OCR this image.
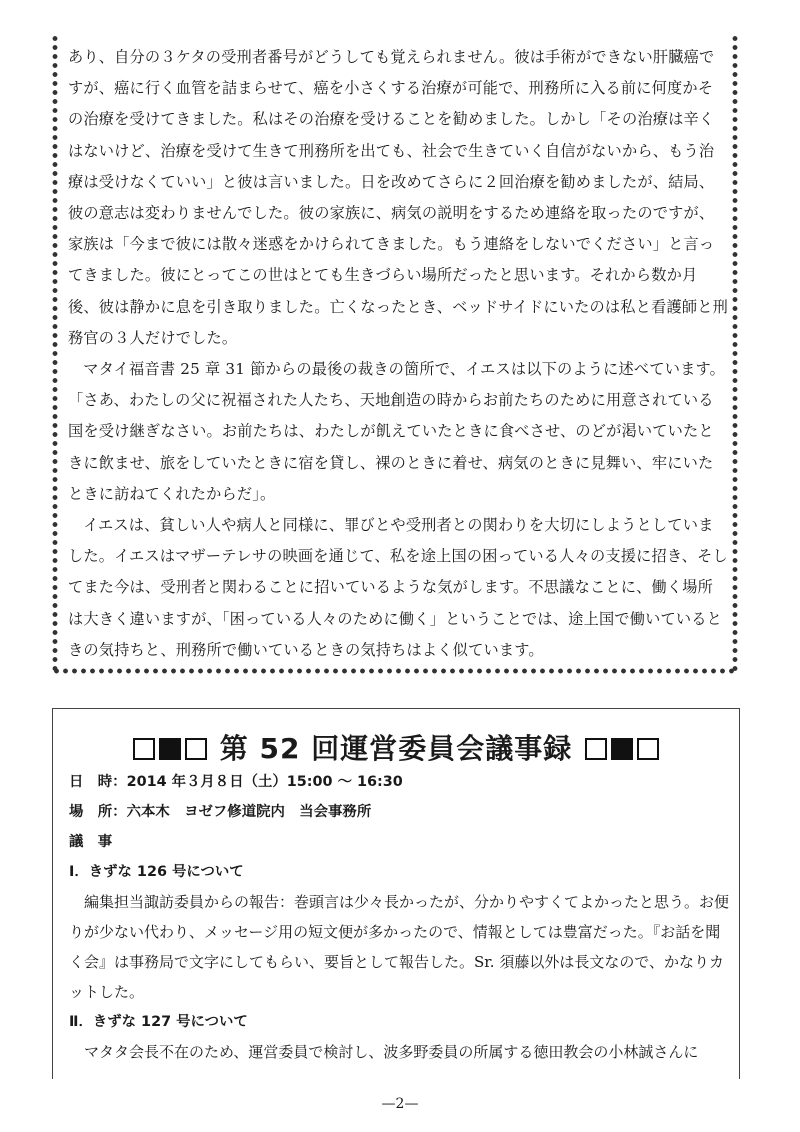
あり、自分の３ケタの受刑者番号がどうしても覚えられません。彼は手術ができない肝臓癌ですが、癌に行く血管を詰まらせて、癌を小さくする治療が可能で、刑務所に入る前に何度かその治療を受けてきました。私はその治療を受けることを勧めました。しかし「その治療は辛くはないけど、治療を受けて生きて刑務所を出ても、社会で生きていく自信がないから、もう治療は受けなくていい」と彼は言いました。日を改めてさらに２回治療を勧めましたが、結局、彼の意志は変わりませんでした。彼の家族に、病気の説明をするため連絡を取ったのですが、家族は「今まで彼には散々迷惑をかけられてきました。もう連絡をしないでください」と言ってきました。彼にとってこの世はとても生きづらい場所だったと思います。それから数か月後、彼は静かに息を引き取りました。亡くなったとき、ベッドサイドにいたのは私と看護師と刑務官の３人だけでした。

マタイ福音書 25 章 31 節からの最後の裁きの箇所で、イエスは以下のように述べています。「さあ、わたしの父に祝福された人たち、天地創造の時からお前たちのために用意されている国を受け継ぎなさい。お前たちは、わたしが飢えていたときに食べさせ、のどが渇いていたときに飲ませ、旅をしていたときに宿を貸し、裸のときに着せ、病気のときに見舞い、牢にいたときに訪ねてくれたからだ」。

イエスは、貧しい人や病人と同様に、罪びとや受刑者との関わりを大切にしようとしていました。イエスはマザーテレサの映画を通じて、私を途上国の困っている人々の支援に招き、そしてまた今は、受刑者と関わることに招いているような気がします。不思議なことに、働く場所は大きく違いますが、「困っている人々のために働く」ということでは、途上国で働いているときの気持ちと、刑務所で働いているときの気持ちはよく似ています。

第 52 回運営委員会議事録

日　時：2014 年３月８日（土）15:00 〜 16:30

場　所：六本木　ヨゼフ修道院内　当会事務所

議　事

Ⅰ．きずな 126 号について

編集担当諏訪委員からの報告：巻頭言は少々長かったが、分かりやすくてよかったと思う。お便りが少ない代わり、メッセージ用の短文便が多かったので、情報としては豊富だった。『お話を聞く会』は事務局で文字にしてもらい、要旨として報告した。Sr. 須藤以外は長文なので、かなりカットした。

Ⅱ．きずな 127 号について

マタタ会長不在のため、運営委員で検討し、波多野委員の所属する徳田教会の小林誠さんに

—2—
